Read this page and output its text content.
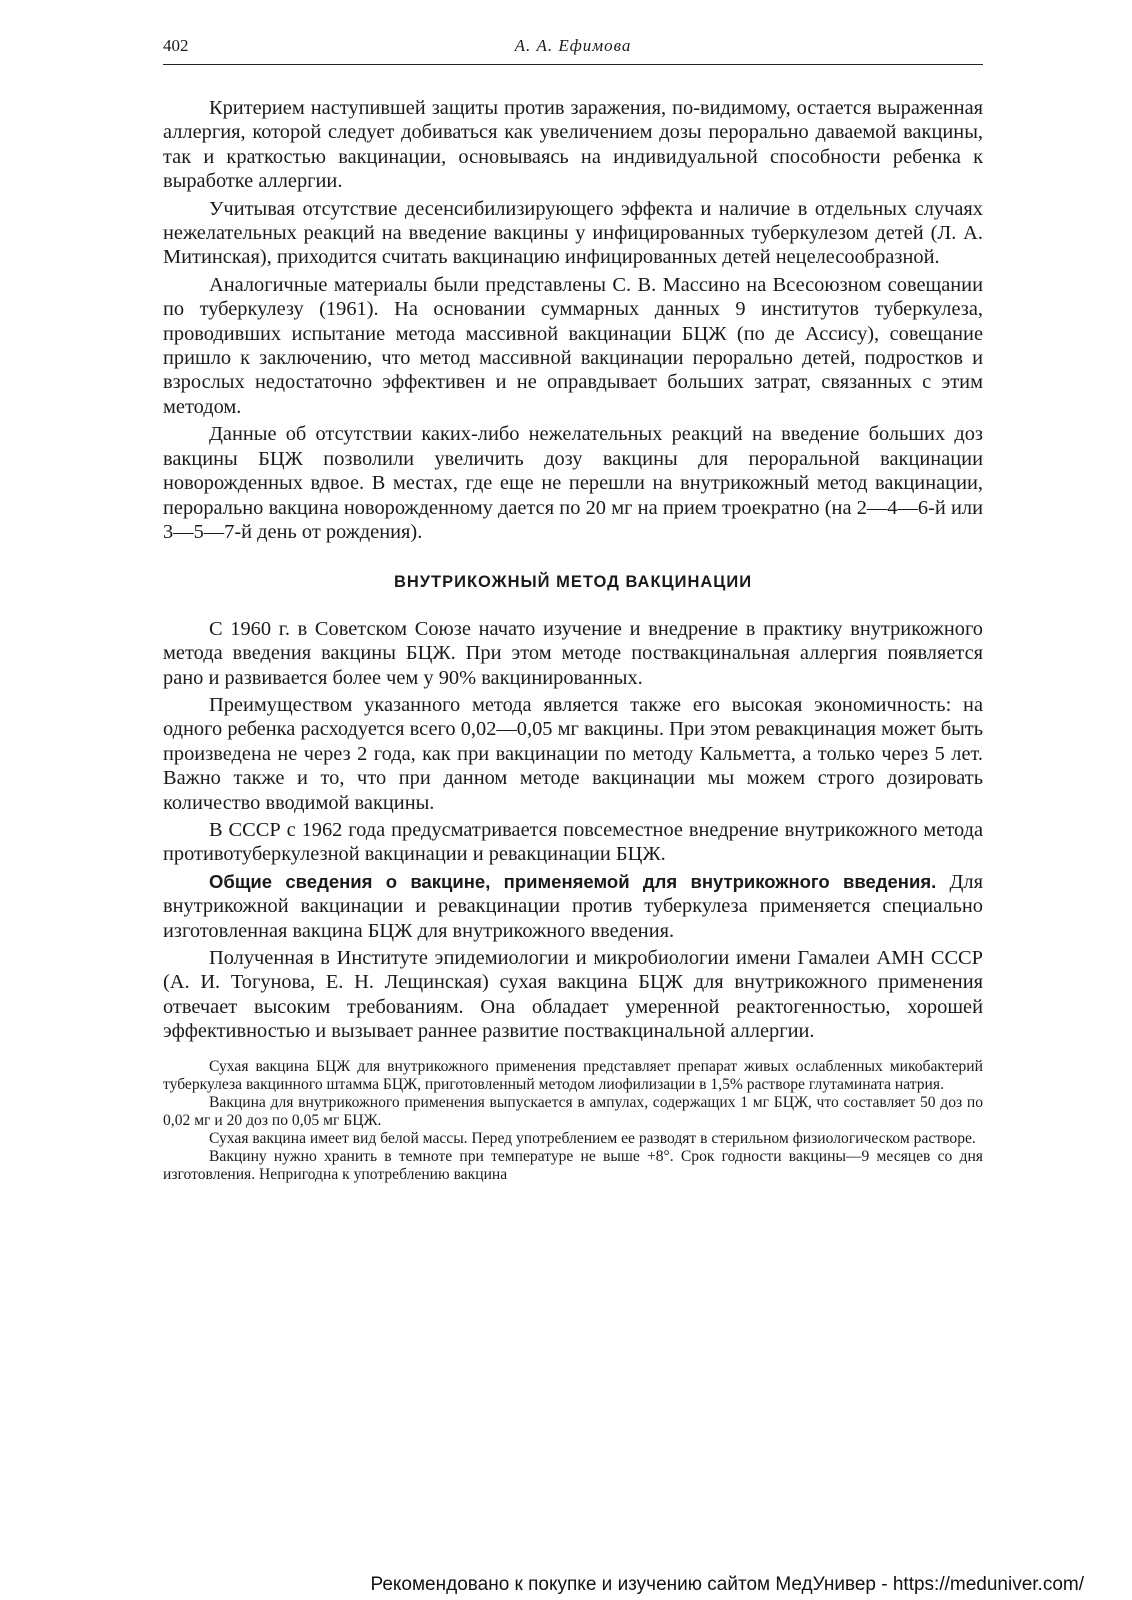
402	А. А. Ефимова

Критерием наступившей защиты против заражения, по-видимому, остается выраженная аллергия, которой следует добиваться как увеличением дозы перорально даваемой вакцины, так и краткостью вакцинации, основываясь на индивидуальной способности ребенка к выработке аллергии.

Учитывая отсутствие десенсибилизирующего эффекта и наличие в отдельных случаях нежелательных реакций на введение вакцины у инфицированных туберкулезом детей (Л. А. Митинская), приходится считать вакцинацию инфицированных детей нецелесообразной.

Аналогичные материалы были представлены С. В. Массино на Всесоюзном совещании по туберкулезу (1961). На основании суммарных данных 9 институтов туберкулеза, проводивших испытание метода массивной вакцинации БЦЖ (по де Ассису), совещание пришло к заключению, что метод массивной вакцинации перорально детей, подростков и взрослых недостаточно эффективен и не оправдывает больших затрат, связанных с этим методом.

Данные об отсутствии каких-либо нежелательных реакций на введение больших доз вакцины БЦЖ позволили увеличить дозу вакцины для пероральной вакцинации новорожденных вдвое. В местах, где еще не перешли на внутрикожный метод вакцинации, перорально вакцина новорожденному дается по 20 мг на прием троекратно (на 2—4—6-й или 3—5—7-й день от рождения).

ВНУТРИКОЖНЫЙ МЕТОД ВАКЦИНАЦИИ

С 1960 г. в Советском Союзе начато изучение и внедрение в практику внутрикожного метода введения вакцины БЦЖ. При этом методе поствакцинальная аллергия появляется рано и развивается более чем у 90% вакцинированных.

Преимуществом указанного метода является также его высокая экономичность: на одного ребенка расходуется всего 0,02—0,05 мг вакцины. При этом ревакцинация может быть произведена не через 2 года, как при вакцинации по методу Кальметта, а только через 5 лет. Важно также и то, что при данном методе вакцинации мы можем строго дозировать количество вводимой вакцины.

В СССР с 1962 года предусматривается повсеместное внедрение внутрикожного метода противотуберкулезной вакцинации и ревакцинации БЦЖ.

Общие сведения о вакцине, применяемой для внутрикожного введения. Для внутрикожной вакцинации и ревакцинации против туберкулеза применяется специально изготовленная вакцина БЦЖ для внутрикожного введения.

Полученная в Институте эпидемиологии и микробиологии имени Гамалеи АМН СССР (А. И. Тогунова, Е. Н. Лещинская) сухая вакцина БЦЖ для внутрикожного применения отвечает высоким требованиям. Она обладает умеренной реактогенностью, хорошей эффективностью и вызывает раннее развитие поствакцинальной аллергии.

Сухая вакцина БЦЖ для внутрикожного применения представляет препарат живых ослабленных микобактерий туберкулеза вакцинного штамма БЦЖ, приготовленный методом лиофилизации в 1,5% растворе глутамината натрия.

Вакцина для внутрикожного применения выпускается в ампулах, содержащих 1 мг БЦЖ, что составляет 50 доз по 0,02 мг и 20 доз по 0,05 мг БЦЖ.

Сухая вакцина имеет вид белой массы. Перед употреблением ее разводят в стерильном физиологическом растворе.

Вакцину нужно хранить в темноте при температуре не выше +8°. Срок годности вакцины—9 месяцев со дня изготовления. Непригодна к употреблению вакцина

Рекомендовано к покупке и изучению сайтом МедУнивер - https://meduniver.com/
